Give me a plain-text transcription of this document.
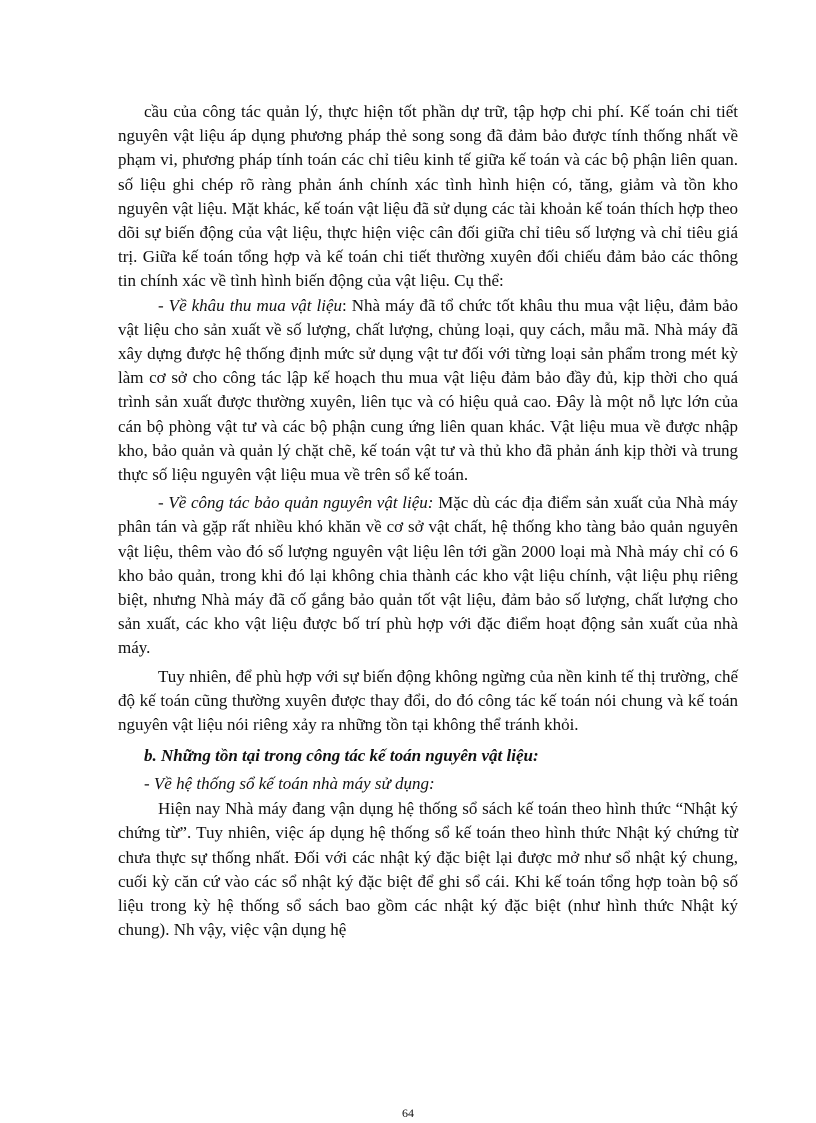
cầu của công tác quản lý, thực hiện tốt phần dự trữ, tập hợp chi phí. Kế toán chi tiết nguyên vật liệu áp dụng phương pháp thẻ song song đã đảm bảo được tính thống nhất về phạm vi, phương pháp tính toán các chỉ tiêu kinh tế giữa kế toán và các bộ phận liên quan. số liệu ghi chép rõ ràng phản ánh chính xác tình hình hiện có, tăng, giảm và tồn kho nguyên vật liệu. Mặt khác, kế toán vật liệu đã sử dụng các tài khoản kế toán thích hợp theo dõi sự biến động của vật liệu, thực hiện việc cân đối giữa chỉ tiêu số lượng và chỉ tiêu giá trị. Giữa kế toán tổng hợp và kế toán chi tiết thường xuyên đối chiếu đảm bảo các thông tin chính xác về tình hình biến động của vật liệu. Cụ thể:

- Về khâu thu mua vật liệu: Nhà máy đã tổ chức tốt khâu thu mua vật liệu, đảm bảo vật liệu cho sản xuất về số lượng, chất lượng, chủng loại, quy cách, mẫu mã. Nhà máy đã xây dựng được hệ thống định mức sử dụng vật tư đối với từng loại sản phẩm trong mét kỳ làm cơ sở cho công tác lập kế hoạch thu mua vật liệu đảm bảo đầy đủ, kịp thời cho quá trình sản xuất được thường xuyên, liên tục và có hiệu quả cao. Đây là một nỗ lực lớn của cán bộ phòng vật tư và các bộ phận cung ứng liên quan khác. Vật liệu mua về được nhập kho, bảo quản và quản lý chặt chẽ, kế toán vật tư và thủ kho đã phản ánh kịp thời và trung thực số liệu nguyên vật liệu mua về trên sổ kế toán.

- Về công tác bảo quản nguyên vật liệu: Mặc dù các địa điểm sản xuất của Nhà máy phân tán và gặp rất nhiều khó khăn về cơ sở vật chất, hệ thống kho tàng bảo quản nguyên vật liệu, thêm vào đó số lượng nguyên vật liệu lên tới gần 2000 loại mà Nhà máy chỉ có 6 kho bảo quản, trong khi đó lại không chia thành các kho vật liệu chính, vật liệu phụ riêng biệt, nhưng Nhà máy đã cố gắng bảo quản tốt vật liệu, đảm bảo số lượng, chất lượng cho sản xuất, các kho vật liệu được bố trí phù hợp với đặc điểm hoạt động sản xuất của nhà máy.

Tuy nhiên, để phù hợp với sự biến động không ngừng của nền kinh tế thị trường, chế độ kế toán cũng thường xuyên được thay đổi, do đó công tác kế toán nói chung và kế toán nguyên vật liệu nói riêng xảy ra những tồn tại không thể tránh khỏi.

b. Những tồn tại trong công tác kế toán nguyên vật liệu:
- Về hệ thống sổ kế toán nhà máy sử dụng:

Hiện nay Nhà máy đang vận dụng hệ thống sổ sách kế toán theo hình thức “Nhật ký chứng từ”. Tuy nhiên, việc áp dụng hệ thống sổ kế toán theo hình thức Nhật ký chứng từ chưa thực sự thống nhất. Đối với các nhật ký đặc biệt lại được mở như sổ nhật ký chung, cuối kỳ căn cứ vào các sổ nhật ký đặc biệt để ghi sổ cái. Khi kế toán tổng hợp toàn bộ số liệu trong kỳ hệ thống sổ sách bao gồm các nhật ký đặc biệt (như hình thức Nhật ký chung). Nh vậy, việc vận dụng hệ

64
